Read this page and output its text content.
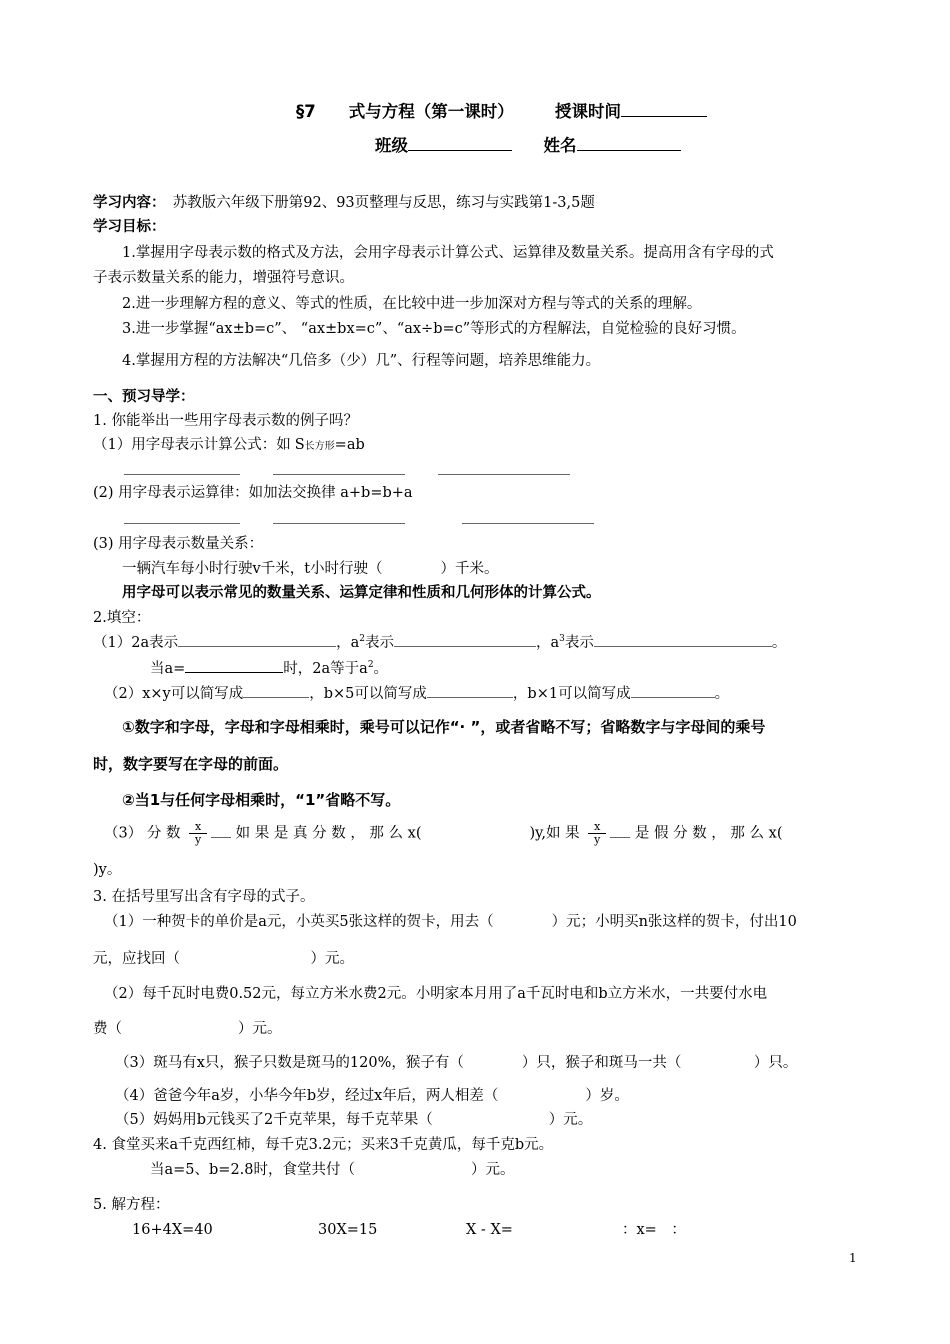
§7　　式与方程（第一课时）　　　授课时间
班级	姓名
学习内容：　苏教版六年级下册第92、93页整理与反思，练习与实践第1-3,5题
学习目标：
1.掌握用字母表示数的格式及方法，会用字母表示计算公式、运算律及数量关系。提高用含有字母的式
子表示数量关系的能力，增强符号意识。
2.进一步理解方程的意义、等式的性质，在比较中进一步加深对方程与等式的关系的理解。
3.进一步掌握“ax±b=c”、 “ax±bx=c”、“ax÷b=c”等形式的方程解法，自觉检验的良好习惯。
4.掌握用方程的方法解决“几倍多（少）几”、行程等问题，培养思维能力。
一、预习导学：
1. 你能举出一些用字母表示数的例子吗？
（1）用字母表示计算公式：如 S长方形=ab

(2) 用字母表示运算律：如加法交换律 a+b=b+a

(3) 用字母表示数量关系：
一辆汽车每小时行驶v千米，t小时行驶（　　　　）千米。
用字母可以表示常见的数量关系、运算定律和性质和几何形体的计算公式。
2.填空：
（1）2a表示	，$a^2$表示	，$a^3$表示	。
当a=	时，2a等于$a^2$。
（2）x×y可以简写成	，b×5可以简写成	，b×1可以简写成	。
①数字和字母，字母和字母相乘时，乘号可以记作“· ”，或者省略不写；省略数字与字母间的乘号
时，数字要写在字母的前面。
②当1与任何字母相乘时，“1”省略不写。
（3） 分 数 $\frac{x}{y}$ 如 果 是 真 分 数 ， 那 么 x(	)y,如 果 $\frac{x}{y}$ 是 假 分 数 ， 那 么 x(
)y。
3. 在括号里写出含有字母的式子。
（1）一种贺卡的单价是a元，小英买5张这样的贺卡，用去（　　　　）元；小明买n张这样的贺卡，付出10
元，应找回（　　　　　　　　　）元。
（2）每千瓦时电费0.52元，每立方米水费2元。小明家本月用了a千瓦时电和b立方米水，一共要付水电
费（　　　　　　　　）元。
（3）斑马有x只，猴子只数是斑马的120%，猴子有（　　　　）只，猴子和斑马一共（　　　　　）只。
（4）爸爸今年a岁，小华今年b岁，经过x年后，两人相差（　　　　　　）岁。
（5）妈妈用b元钱买了2千克苹果，每千克苹果（　　　　　　　　）元。
4. 食堂买来a千克西红柿，每千克3.2元；买来3千克黄瓜，每千克b元。
当a=5、b=2.8时，食堂共付（　　　　　　　　）元。
5. 解方程：
16+4X=40	30X=15	X - X=	：x=　：
1
